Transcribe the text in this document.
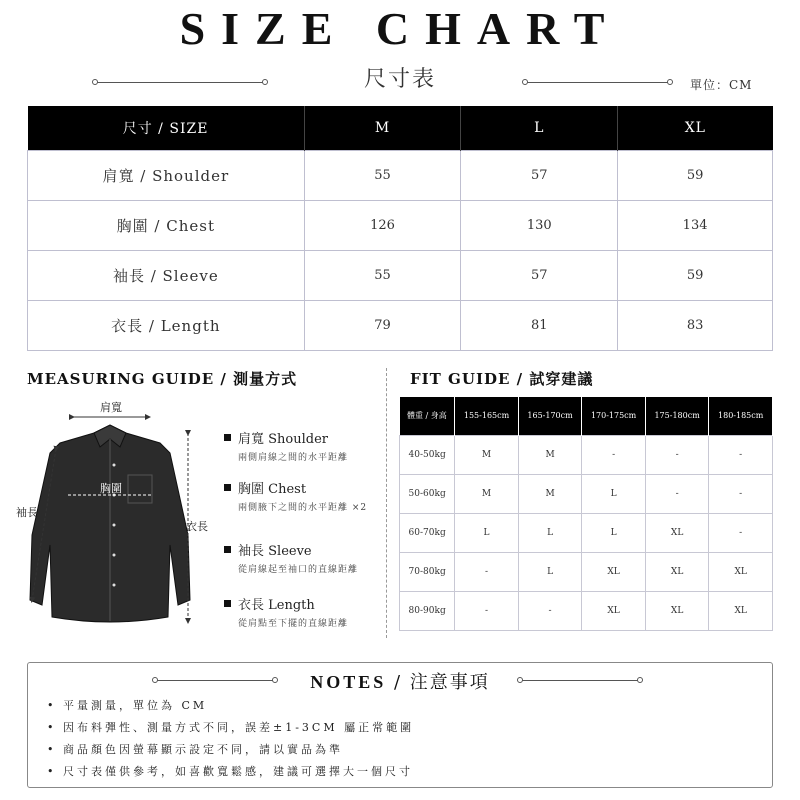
SIZE CHART
尺寸表	單位：CM
尺寸 / SIZE	M	L	XL
肩寬 / Shoulder	55	57	59
胸圍 / Chest	126	130	134
袖長 / Sleeve	55	57	59
衣長 / Length	79	81	83
MEASURING GUIDE / 測量方式
肩寬
胸圍
衣長
袖長
肩寬 Shoulder
兩側肩線之間的水平距離
胸圍 Chest
兩側腋下之間的水平距離 ×2
袖長 Sleeve
從肩線起至袖口的直線距離
衣長 Length
從肩點至下擺的直線距離
FIT GUIDE / 試穿建議
體重 / 身高	155-165cm	165-170cm	170-175cm	175-180cm	180-185cm
40-50kg	M	M	-	-	-
50-60kg	M	M	L	-	-
60-70kg	L	L	L	XL	-
70-80kg	-	L	XL	XL	XL
80-90kg	-	-	XL	XL	XL
NOTES / 注意事項
• 平量測量，單位為 CM
• 因布料彈性、測量方式不同，誤差±1-3CM 屬正常範圍
• 商品顏色因螢幕顯示設定不同，請以實品為準
• 尺寸表僅供參考，如喜歡寬鬆感，建議可選擇大一個尺寸
